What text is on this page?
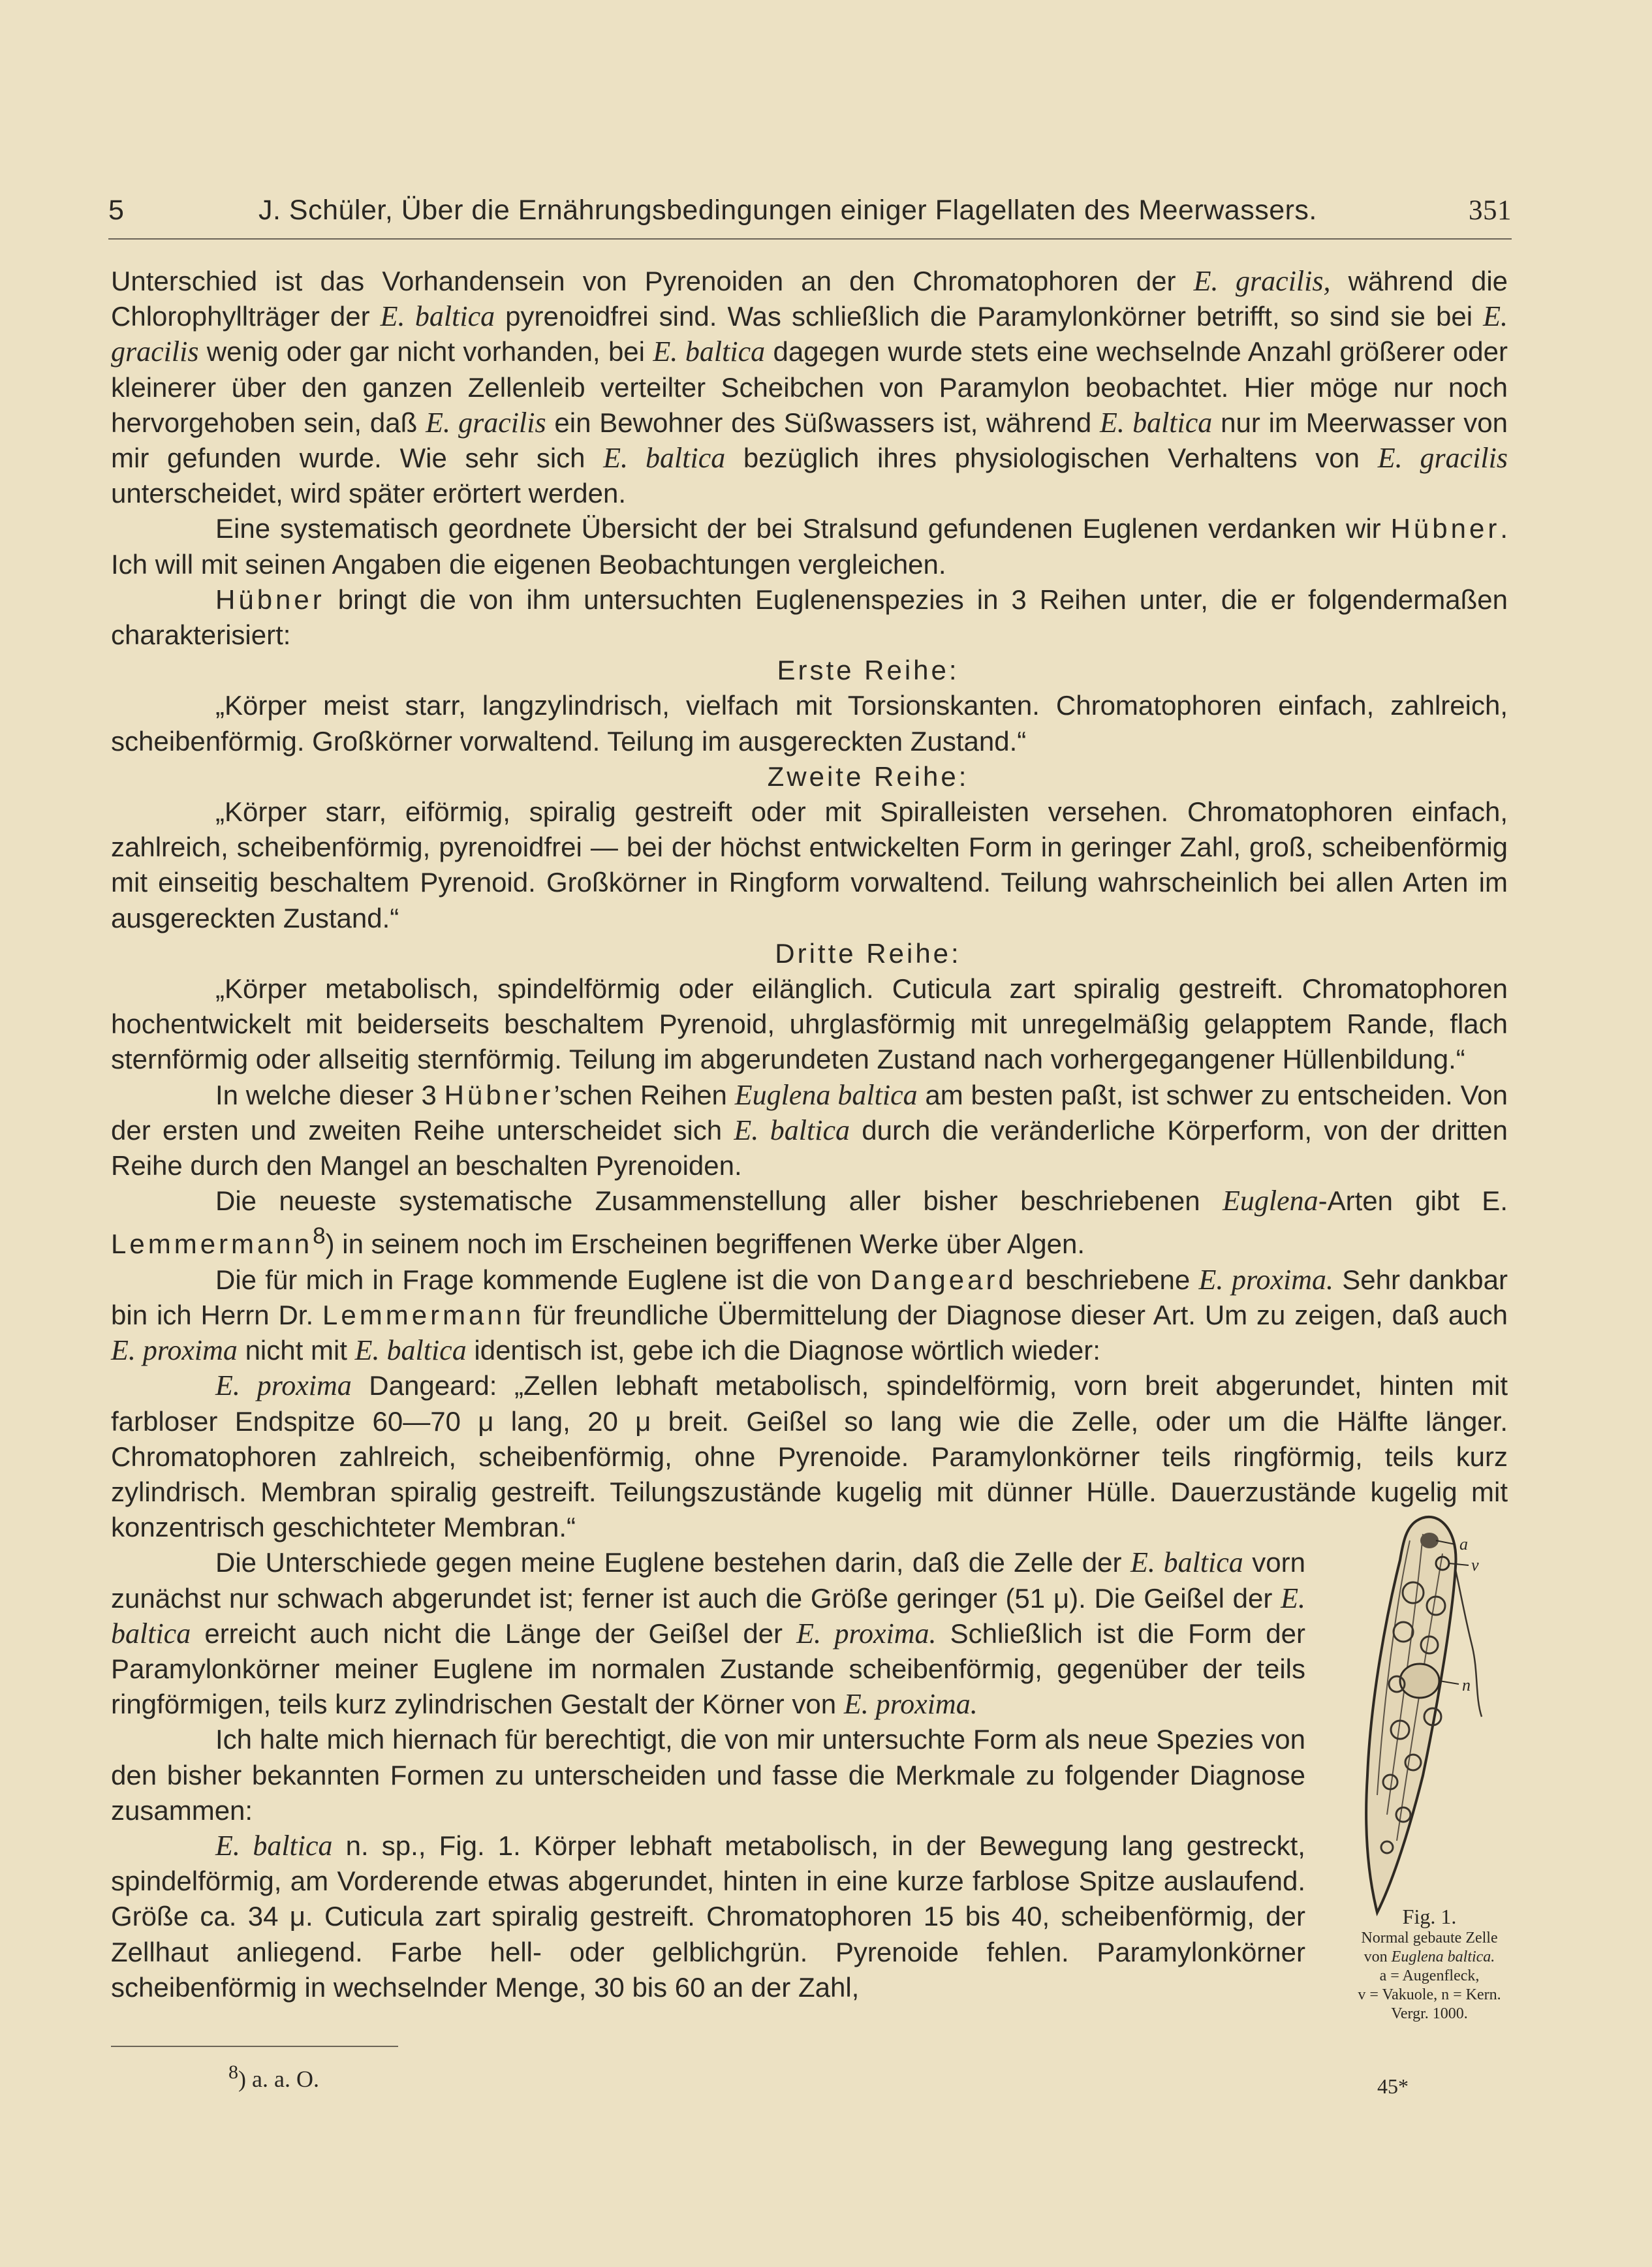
5	J. Schüler, Über die Ernährungsbedingungen einiger Flagellaten des Meerwassers.	351

Unterschied ist das Vorhandensein von Pyrenoiden an den Chromatophoren der E. gracilis, während die Chlorophyllträger der E. baltica pyrenoidfrei sind. Was schließlich die Paramylonkörner betrifft, so sind sie bei E. gracilis wenig oder gar nicht vorhanden, bei E. baltica dagegen wurde stets eine wechselnde Anzahl größerer oder kleinerer über den ganzen Zellenleib verteilter Scheibchen von Paramylon beobachtet. Hier möge nur noch hervorgehoben sein, daß E. gracilis ein Bewohner des Süßwassers ist, während E. baltica nur im Meerwasser von mir gefunden wurde. Wie sehr sich E. baltica bezüglich ihres physiologischen Verhaltens von E. gracilis unterscheidet, wird später erörtert werden.

Eine systematisch geordnete Übersicht der bei Stralsund gefundenen Euglenen verdanken wir Hübner. Ich will mit seinen Angaben die eigenen Beobachtungen vergleichen.

Hübner bringt die von ihm untersuchten Euglenenspezies in 3 Reihen unter, die er folgendermaßen charakterisiert:

Erste Reihe:

„Körper meist starr, langzylindrisch, vielfach mit Torsionskanten. Chromatophoren einfach, zahlreich, scheibenförmig. Großkörner vorwaltend. Teilung im ausgereckten Zustand.“

Zweite Reihe:

„Körper starr, eiförmig, spiralig gestreift oder mit Spiralleisten versehen. Chromatophoren einfach, zahlreich, scheibenförmig, pyrenoidfrei — bei der höchst entwickelten Form in geringer Zahl, groß, scheibenförmig mit einseitig beschaltem Pyrenoid. Großkörner in Ringform vorwaltend. Teilung wahrscheinlich bei allen Arten im ausgereckten Zustand.“

Dritte Reihe:

„Körper metabolisch, spindelförmig oder eilänglich. Cuticula zart spiralig gestreift. Chromatophoren hochentwickelt mit beiderseits beschaltem Pyrenoid, uhrglasförmig mit unregelmäßig gelapptem Rande, flach sternförmig oder allseitig sternförmig. Teilung im abgerundeten Zustand nach vorhergegangener Hüllenbildung.“

In welche dieser 3 Hübner’schen Reihen Euglena baltica am besten paßt, ist schwer zu entscheiden. Von der ersten und zweiten Reihe unterscheidet sich E. baltica durch die veränderliche Körperform, von der dritten Reihe durch den Mangel an beschalten Pyrenoiden.

Die neueste systematische Zusammenstellung aller bisher beschriebenen Euglena-Arten gibt E. Lemmermann$^8$) in seinem noch im Erscheinen begriffenen Werke über Algen.

Die für mich in Frage kommende Euglene ist die von Dangeard beschriebene E. proxima. Sehr dankbar bin ich Herrn Dr. Lemmermann für freundliche Übermittelung der Diagnose dieser Art. Um zu zeigen, daß auch E. proxima nicht mit E. baltica identisch ist, gebe ich die Diagnose wörtlich wieder:

E. proxima Dangeard: „Zellen lebhaft metabolisch, spindelförmig, vorn breit abgerundet, hinten mit farbloser Endspitze 60—70 μ lang, 20 μ breit. Geißel so lang wie die Zelle, oder um die Hälfte länger. Chromatophoren zahlreich, scheibenförmig, ohne Pyrenoide. Paramylonkörner teils ringförmig, teils kurz zylindrisch. Membran spiralig gestreift. Teilungszustände kugelig mit dünner Hülle. Dauerzustände kugelig mit konzentrisch geschichteter Membran.“

Die Unterschiede gegen meine Euglene bestehen darin, daß die Zelle der E. baltica vorn zunächst nur schwach abgerundet ist; ferner ist auch die Größe geringer (51 μ). Die Geißel der E. baltica erreicht auch nicht die Länge der Geißel der E. proxima. Schließlich ist die Form der Paramylonkörner meiner Euglene im normalen Zustande scheibenförmig, gegenüber der teils ringförmigen, teils kurz zylindrischen Gestalt der Körner von E. proxima.

Ich halte mich hiernach für berechtigt, die von mir untersuchte Form als neue Spezies von den bisher bekannten Formen zu unterscheiden und fasse die Merkmale zu folgender Diagnose zusammen:

E. baltica n. sp., Fig. 1. Körper lebhaft metabolisch, in der Bewegung lang gestreckt, spindelförmig, am Vorderende etwas abgerundet, hinten in eine kurze farblose Spitze auslaufend. Größe ca. 34 μ. Cuticula zart spiralig gestreift. Chromatophoren 15 bis 40, scheibenförmig, der Zellhaut anliegend. Farbe hell- oder gelblichgrün. Pyrenoide fehlen. Paramylonkörner scheibenförmig in wechselnder Menge, 30 bis 60 an der Zahl,

$^8$) a. a. O.
a
v
n
Fig. 1.
Normal gebaute Zelle
von Euglena baltica.
a = Augenfleck,
v = Vakuole, n = Kern.
Vergr. 1000.
45*
